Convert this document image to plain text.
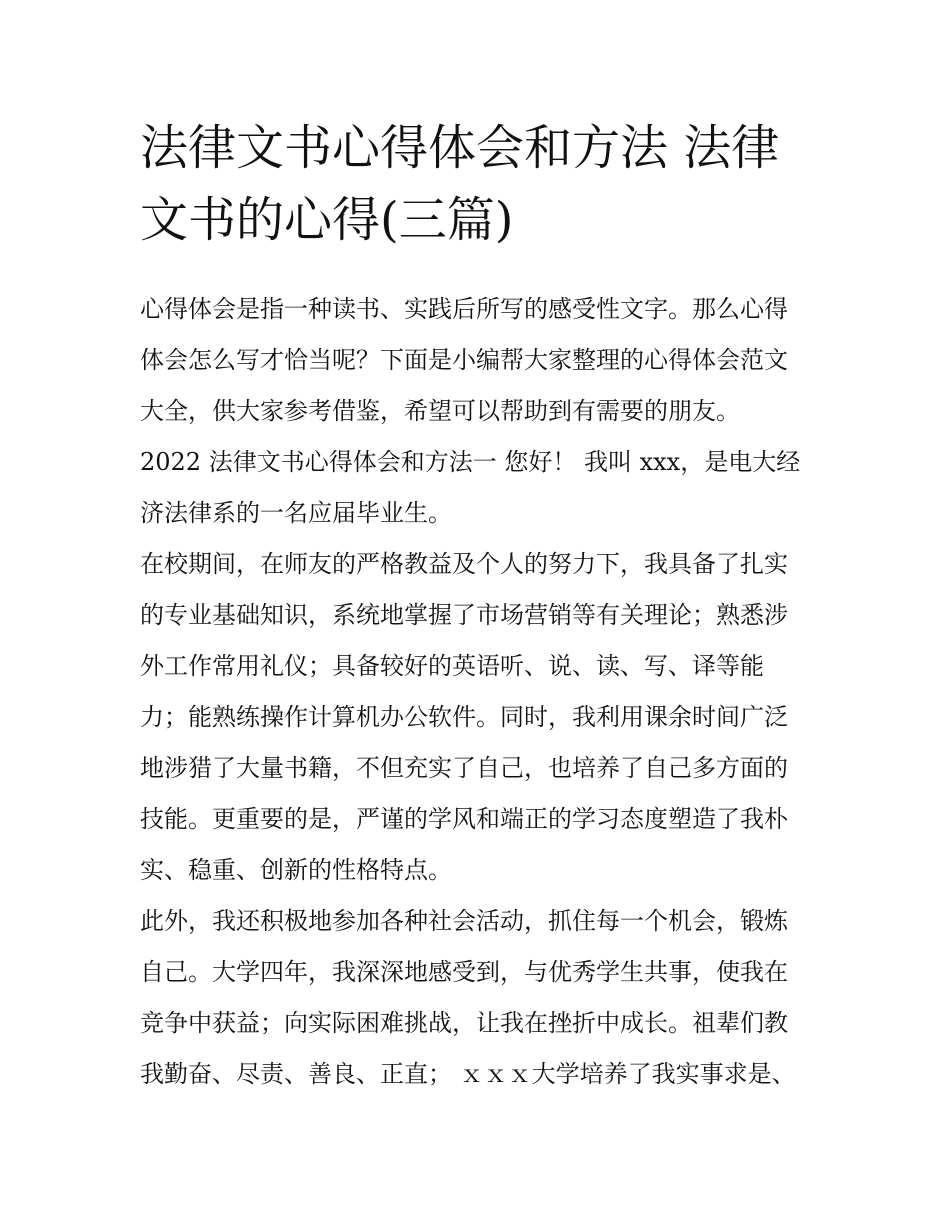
法律文书心得体会和方法 法律
文书的心得(三篇)

心得体会是指一种读书、实践后所写的感受性文字。那么心得
体会怎么写才恰当呢？下面是小编帮大家整理的心得体会范文
大全，供大家参考借鉴，希望可以帮助到有需要的朋友。

2022 法律文书心得体会和方法一 您好！ 我叫 xxx，是电大经
济法律系的一名应届毕业生。

在校期间，在师友的严格教益及个人的努力下，我具备了扎实
的专业基础知识，系统地掌握了市场营销等有关理论；熟悉涉
外工作常用礼仪；具备较好的英语听、说、读、写、译等能
力；能熟练操作计算机办公软件。同时，我利用课余时间广泛
地涉猎了大量书籍，不但充实了自己，也培养了自己多方面的
技能。更重要的是，严谨的学风和端正的学习态度塑造了我朴
实、稳重、创新的性格特点。

此外，我还积极地参加各种社会活动，抓住每一个机会，锻炼
自己。大学四年，我深深地感受到，与优秀学生共事，使我在
竞争中获益；向实际困难挑战，让我在挫折中成长。祖辈们教
我勤奋、尽责、善良、正直； ｘｘｘ大学培养了我实事求是、
